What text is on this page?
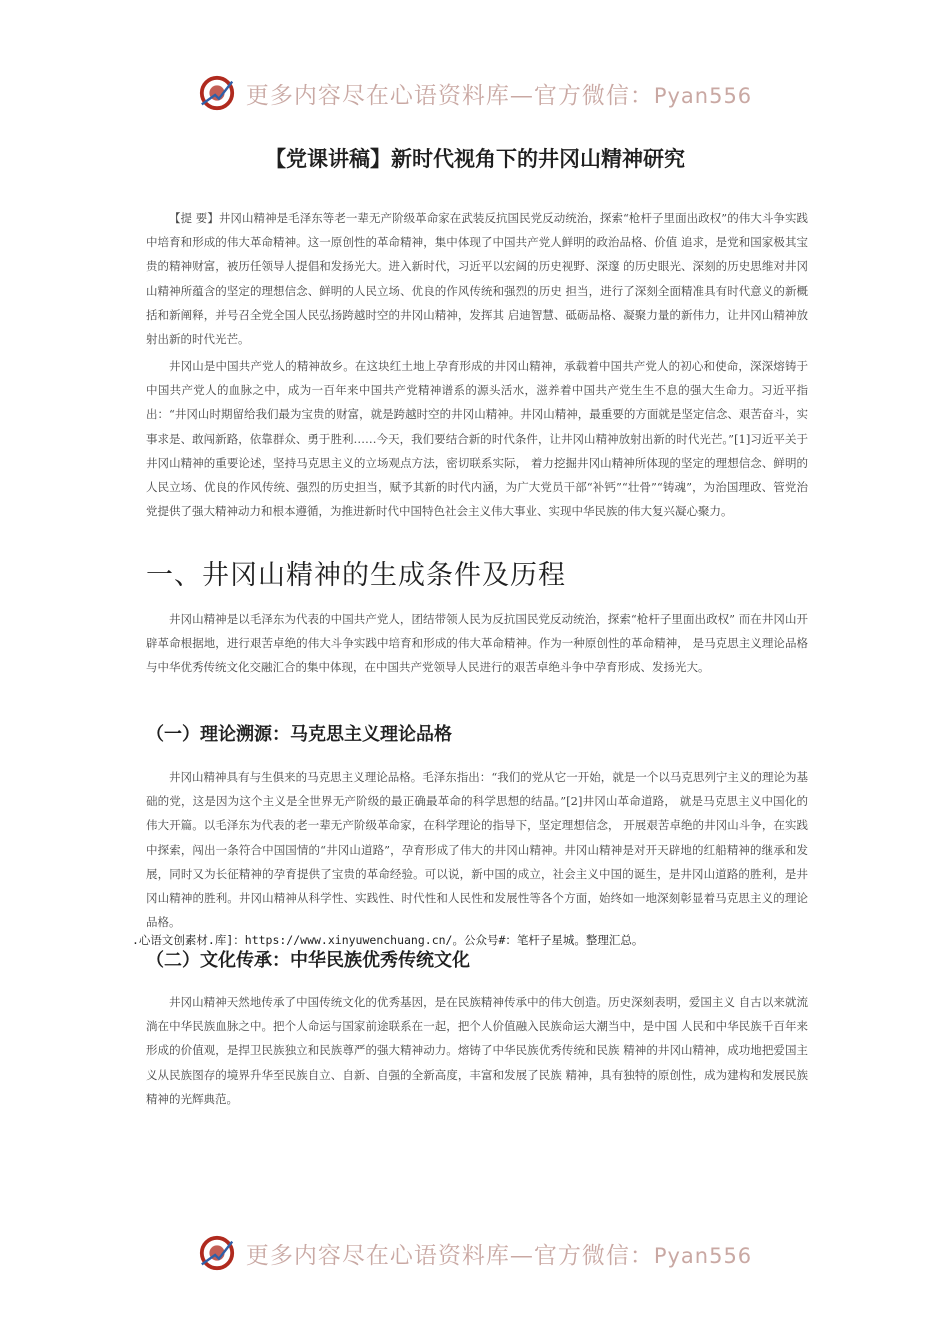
更多内容尽在心语资料库—官方微信：Pyan556
【党课讲稿】新时代视角下的井冈山精神研究

【提 要】井冈山精神是毛泽东等老一辈无产阶级革命家在武装反抗国民党反动统治，探索“枪杆子里面出政权”的伟大斗争实践中培育和形成的伟大革命精神。这一原创性的革命精神，集中体现了中国共产党人鲜明的政治品格、价值 追求，是党和国家极其宝贵的精神财富，被历任领导人提倡和发扬光大。进入新时代，习近平以宏阔的历史视野、深邃 的历史眼光、深刻的历史思维对井冈山精神所蕴含的坚定的理想信念、鲜明的人民立场、优良的作风传统和强烈的历史 担当，进行了深刻全面精准具有时代意义的新概括和新阐释，并号召全党全国人民弘扬跨越时空的井冈山精神，发挥其 启迪智慧、砥砺品格、凝聚力量的新伟力，让井冈山精神放射出新的时代光芒。

井冈山是中国共产党人的精神故乡。在这块红土地上孕育形成的井冈山精神，承载着中国共产党人的初心和使命，深深熔铸于中国共产党人的血脉之中，成为一百年来中国共产党精神谱系的源头活水，滋养着中国共产党生生不息的强大生命力。习近平指出：“井冈山时期留给我们最为宝贵的财富，就是跨越时空的井冈山精神。井冈山精神，最重要的方面就是坚定信念、艰苦奋斗，实事求是、敢闯新路，依靠群众、勇于胜利……今天，我们要结合新的时代条件，让井冈山精神放射出新的时代光芒。”[1]习近平关于井冈山精神的重要论述，坚持马克思主义的立场观点方法，密切联系实际， 着力挖掘井冈山精神所体现的坚定的理想信念、鲜明的人民立场、优良的作风传统、强烈的历史担当，赋予其新的时代内涵，为广大党员干部“补钙”“壮骨”“铸魂”，为治国理政、管党治党提供了强大精神动力和根本遵循，为推进新时代中国特色社会主义伟大事业、实现中华民族的伟大复兴凝心聚力。

一、井冈山精神的生成条件及历程

井冈山精神是以毛泽东为代表的中国共产党人，团结带领人民为反抗国民党反动统治，探索“枪杆子里面出政权” 而在井冈山开辟革命根据地，进行艰苦卓绝的伟大斗争实践中培育和形成的伟大革命精神。作为一种原创性的革命精神， 是马克思主义理论品格与中华优秀传统文化交融汇合的集中体现，在中国共产党领导人民进行的艰苦卓绝斗争中孕育形成、发扬光大。

（一）理论溯源：马克思主义理论品格

井冈山精神具有与生俱来的马克思主义理论品格。毛泽东指出：“我们的党从它一开始，就是一个以马克思列宁主义的理论为基础的党，这是因为这个主义是全世界无产阶级的最正确最革命的科学思想的结晶。”[2]井冈山革命道路， 就是马克思主义中国化的伟大开篇。以毛泽东为代表的老一辈无产阶级革命家，在科学理论的指导下，坚定理想信念， 开展艰苦卓绝的井冈山斗争，在实践中探索，闯出一条符合中国国情的“井冈山道路”，孕育形成了伟大的井冈山精神。井冈山精神是对开天辟地的红船精神的继承和发展，同时又为长征精神的孕育提供了宝贵的革命经验。可以说，新中国的成立，社会主义中国的诞生，是井冈山道路的胜利，是井冈山精神的胜利。井冈山精神从科学性、实践性、时代性和人民性和发展性等各个方面，始终如一地深刻彰显着马克思主义的理论品格。

.心语文创素材.库]：https://www.xinyuwenchuang.cn/。公众号#：笔杆子星城。整理汇总。

（二）文化传承：中华民族优秀传统文化

井冈山精神天然地传承了中国传统文化的优秀基因，是在民族精神传承中的伟大创造。历史深刻表明，爱国主义 自古以来就流淌在中华民族血脉之中。把个人命运与国家前途联系在一起，把个人价值融入民族命运大潮当中，是中国 人民和中华民族千百年来形成的价值观，是捍卫民族独立和民族尊严的强大精神动力。熔铸了中华民族优秀传统和民族 精神的井冈山精神，成功地把爱国主义从民族图存的境界升华至民族自立、自新、自强的全新高度，丰富和发展了民族 精神，具有独特的原创性，成为建构和发展民族精神的光辉典范。

更多内容尽在心语资料库—官方微信：Pyan556
